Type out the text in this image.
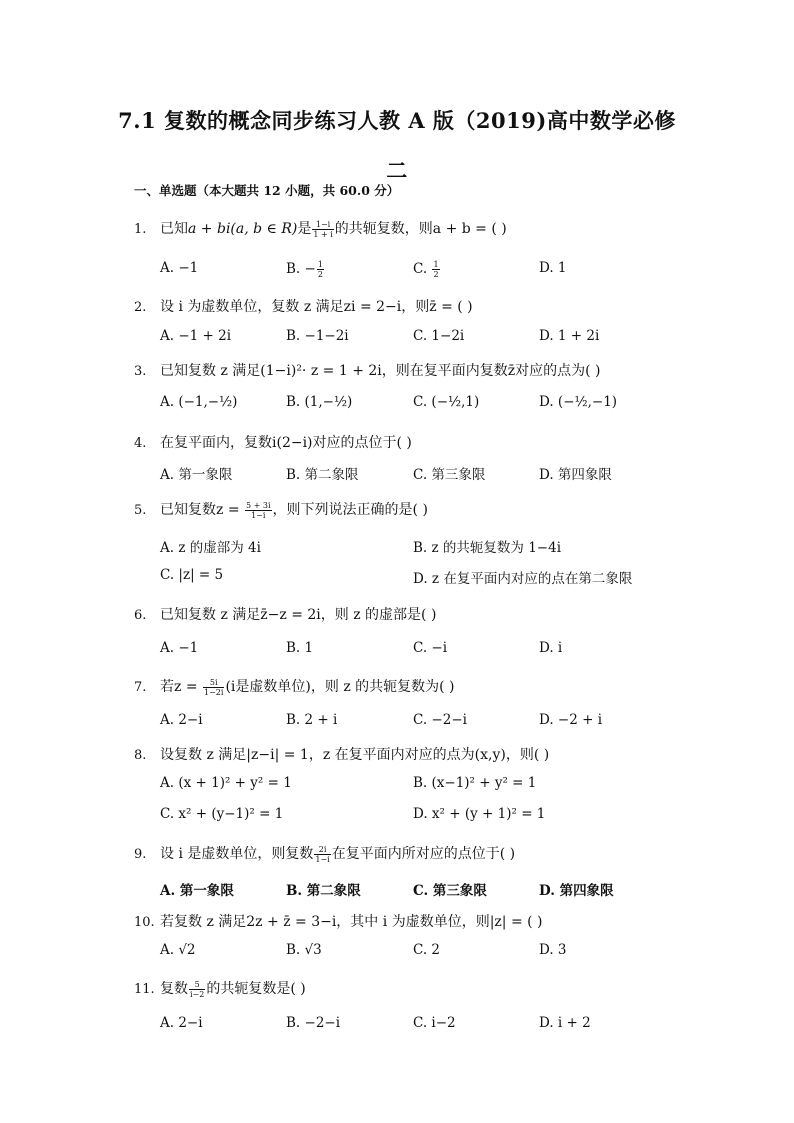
7.1 复数的概念同步练习人教 A 版（2019)高中数学必修
二
一、单选题（本大题共 12 小题，共 60.0 分）
1. 已知a + bi(a, b ∈ R)是 $\frac{1-i}{1 + i}$ 的共轭复数，则a + b = ( )
A. −1	B. − $\frac{1}{2}$	C. $\frac{1}{2}$	D. 1
2. 设 i 为虚数单位，复数 z 满足zi = 2−i，则z̄ = ( )
A. −1 + 2i	B. −1−2i	C. 1−2i	D. 1 + 2i
3. 已知复数 z 满足(1−i)²· z = 1 + 2i，则在复平面内复数z̄对应的点为( )
A. (−1,−½)	B. (1,−½)	C. (−½,1)	D. (−½,−1)
4. 在复平面内，复数i(2−i)对应的点位于( )
A. 第一象限	B. 第二象限	C. 第三象限	D. 第四象限
5. 已知复数$z = \frac{5 + 3i}{1-i}$ ，则下列说法正确的是( )
A. z 的虚部为 4i	B. z 的共轭复数为 1−4i
C. |z| = 5	D. z 在复平面内对应的点在第二象限
6. 已知复数 z 满足z̄−z = 2i，则 z 的虚部是( )
A. −1	B. 1	C. −i	D. i
7. 若$z = \frac{5i}{1-2i} (i$是虚数单位)，则 z 的共轭复数为( )
A. 2−i	B. 2 + i	C. −2−i	D. −2 + i
8. 设复数 z 满足|z−i| = 1，z 在复平面内对应的点为(x,y)，则( )
A. (x + 1)² + y² = 1	B. (x−1)² + y² = 1
C. x² + (y−1)² = 1	D. x² + (y + 1)² = 1
9. 设 i 是虚数单位，则复数 $\frac{2i}{1-i}$ 在复平面内所对应的点位于( )
A. 第一象限	B. 第二象限	C. 第三象限	D. 第四象限
10. 若复数 z 满足2z + z̄ = 3−i，其中 i 为虚数单位，则|z| = ( )
A. √2	B. √3	C. 2	D. 3
11. 复数 $\frac{5}{i-2}$ 的共轭复数是( )
A. 2−i	B. −2−i	C. i−2	D. i + 2
